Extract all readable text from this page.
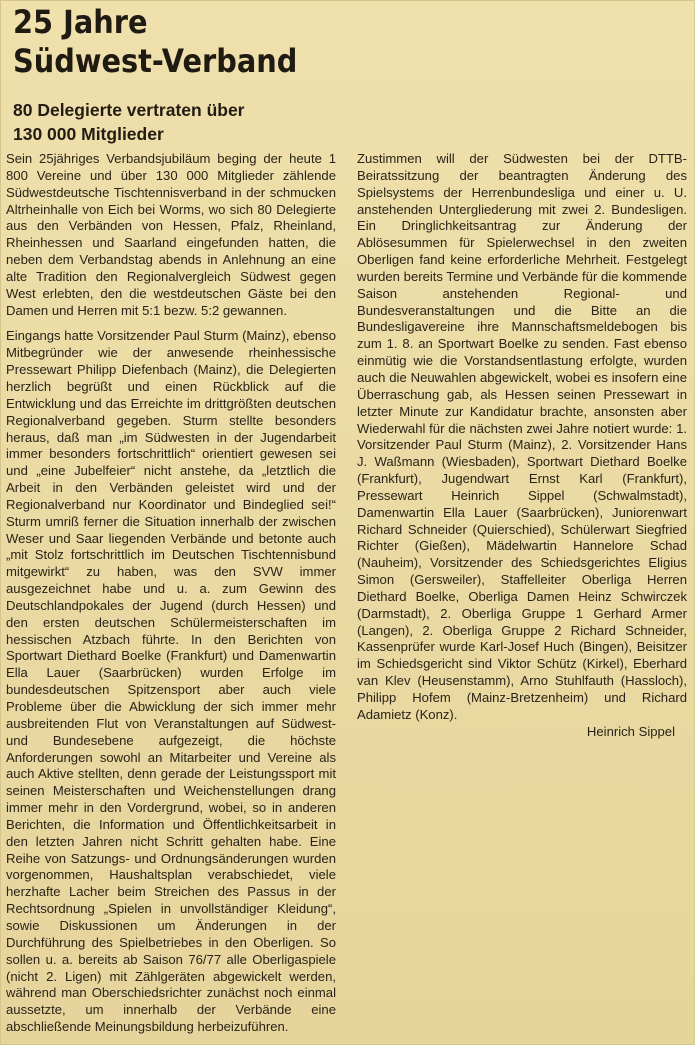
25 Jahre
Südwest-Verband
80 Delegierte vertraten über
130 000 Mitglieder

Sein 25jähriges Verbandsjubiläum beging der heute 1 800 Vereine und über 130 000 Mitglieder zählende Südwestdeutsche Tischtennisverband in der schmucken Altrheinhalle von Eich bei Worms, wo sich 80 Delegierte aus den Verbänden von Hessen, Pfalz, Rheinland, Rheinhessen und Saarland eingefunden hatten, die neben dem Verbandstag abends in Anlehnung an eine alte Tradition den Regionalvergleich Südwest gegen West erlebten, den die westdeutschen Gäste bei den Damen und Herren mit 5:1 bezw. 5:2 gewannen.

Eingangs hatte Vorsitzender Paul Sturm (Mainz), ebenso Mitbegründer wie der anwesende rheinhessische Pressewart Philipp Diefenbach (Mainz), die Delegierten herzlich begrüßt und einen Rückblick auf die Entwicklung und das Erreichte im drittgrößten deutschen Regionalverband gegeben. Sturm stellte besonders heraus, daß man „im Südwesten in der Jugendarbeit immer besonders fortschrittlich“ orientiert gewesen sei und „eine Jubelfeier“ nicht anstehe, da „letztlich die Arbeit in den Verbänden geleistet wird und der Regionalverband nur Koordinator und Bindeglied sei!“ Sturm umriß ferner die Situation innerhalb der zwischen Weser und Saar liegenden Verbände und betonte auch „mit Stolz fortschrittlich im Deutschen Tischtennisbund mitgewirkt“ zu haben, was den SVW immer ausgezeichnet habe und u. a. zum Gewinn des Deutschlandpokales der Jugend (durch Hessen) und den ersten deutschen Schülermeisterschaften im hessischen Atzbach führte. In den Berichten von Sportwart Diethard Boelke (Frankfurt) und Damenwartin Ella Lauer (Saarbrücken) wurden Erfolge im bundesdeutschen Spitzensport aber auch viele Probleme über die Abwicklung der sich immer mehr ausbreitenden Flut von Veranstaltungen auf Südwest- und Bundesebene aufgezeigt, die höchste Anforderungen sowohl an Mitarbeiter und Vereine als auch Aktive stellten, denn gerade der Leistungssport mit seinen Meisterschaften und Weichenstellungen drang immer mehr in den Vordergrund, wobei, so in anderen Berichten, die Information und Öffentlichkeitsarbeit in den letzten Jahren nicht Schritt gehalten habe. Eine Reihe von Satzungs- und Ordnungsänderungen wurden vorgenommen, Haushaltsplan verabschiedet, viele herzhafte Lacher beim Streichen des Passus in der Rechtsordnung „Spielen in unvollständiger Kleidung“, sowie Diskussionen um Änderungen in der Durchführung des Spielbetriebes in den Oberligen. So sollen u. a. bereits ab Saison 76/77 alle Oberligaspiele (nicht 2. Ligen) mit Zählgeräten abgewickelt werden, während man Oberschiedsrichter zunächst noch einmal aussetzte, um innerhalb der Verbände eine abschließende Meinungsbildung herbeizuführen.

Zustimmen will der Südwesten bei der DTTB-Beiratssitzung der beantragten Änderung des Spielsystems der Herrenbundesliga und einer u. U. anstehenden Untergliederung mit zwei 2. Bundesligen. Ein Dringlichkeitsantrag zur Änderung der Ablösesummen für Spielerwechsel in den zweiten Oberligen fand keine erforderliche Mehrheit. Festgelegt wurden bereits Termine und Verbände für die kommende Saison anstehenden Regional- und Bundesveranstaltungen und die Bitte an die Bundesligavereine ihre Mannschaftsmeldebogen bis zum 1. 8. an Sportwart Boelke zu senden. Fast ebenso einmütig wie die Vorstandsentlastung erfolgte, wurden auch die Neuwahlen abgewickelt, wobei es insofern eine Überraschung gab, als Hessen seinen Pressewart in letzter Minute zur Kandidatur brachte, ansonsten aber Wiederwahl für die nächsten zwei Jahre notiert wurde: 1. Vorsitzender Paul Sturm (Mainz), 2. Vorsitzender Hans J. Waßmann (Wiesbaden), Sportwart Diethard Boelke (Frankfurt), Jugendwart Ernst Karl (Frankfurt), Pressewart Heinrich Sippel (Schwalmstadt), Damenwartin Ella Lauer (Saarbrücken), Juniorenwart Richard Schneider (Quierschied), Schülerwart Siegfried Richter (Gießen), Mädelwartin Hannelore Schad (Nauheim), Vorsitzender des Schiedsgerichtes Eligius Simon (Gersweiler), Staffelleiter Oberliga Herren Diethard Boelke, Oberliga Damen Heinz Schwirczek (Darmstadt), 2. Oberliga Gruppe 1 Gerhard Armer (Langen), 2. Oberliga Gruppe 2 Richard Schneider, Kassenprüfer wurde Karl-Josef Huch (Bingen), Beisitzer im Schiedsgericht sind Viktor Schütz (Kirkel), Eberhard van Klev (Heusenstamm), Arno Stuhlfauth (Hassloch), Philipp Hofem (Mainz-Bretzenheim) und Richard Adamietz (Konz).

Heinrich Sippel
